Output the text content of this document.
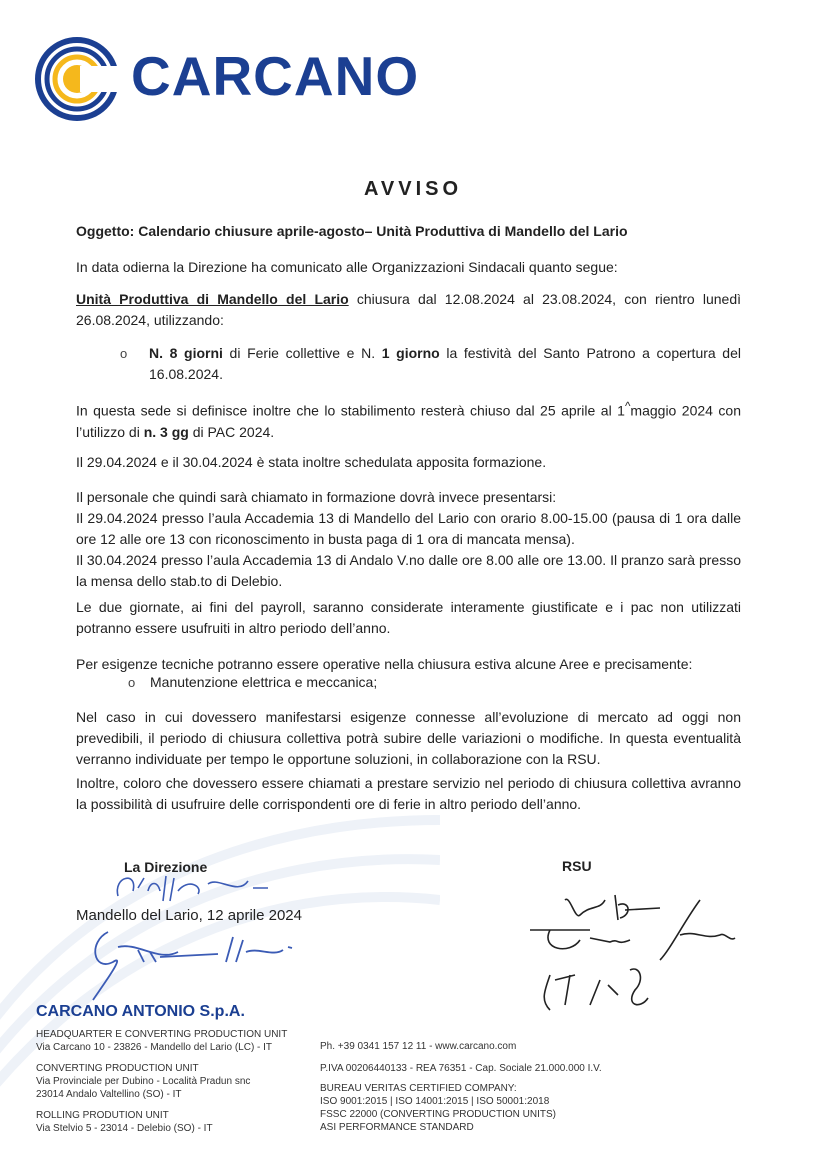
CARCANO
AVVISO
Oggetto: Calendario chiusure aprile-agosto– Unità Produttiva di Mandello del Lario
In data odierna la Direzione ha comunicato alle Organizzazioni Sindacali quanto segue:
Unità Produttiva di Mandello del Lario chiusura dal 12.08.2024 al 23.08.2024, con rientro lunedì 26.08.2024, utilizzando:
o N. 8 giorni di Ferie collettive e N. 1 giorno la festività del Santo Patrono a copertura del 16.08.2024.
In questa sede si definisce inoltre che lo stabilimento resterà chiuso dal 25 aprile al 1^maggio 2024 con l’utilizzo di n. 3 gg di PAC 2024.
Il 29.04.2024 e il 30.04.2024 è stata inoltre schedulata apposita formazione.
Il personale che quindi sarà chiamato in formazione dovrà invece presentarsi:
Il 29.04.2024 presso l’aula Accademia 13 di Mandello del Lario con orario 8.00-15.00 (pausa di 1 ora dalle ore 12 alle ore 13 con riconoscimento in busta paga di 1 ora di mancata mensa).
Il 30.04.2024 presso l’aula Accademia 13 di Andalo V.no dalle ore 8.00 alle ore 13.00. Il pranzo sarà presso la mensa dello stab.to di Delebio.
Le due giornate, ai fini del payroll, saranno considerate interamente giustificate e i pac non utilizzati potranno essere usufruiti in altro periodo dell’anno.
Per esigenze tecniche potranno essere operative nella chiusura estiva alcune Aree e precisamente:
o Manutenzione elettrica e meccanica;
Nel caso in cui dovessero manifestarsi esigenze connesse all’evoluzione di mercato ad oggi non prevedibili, il periodo di chiusura collettiva potrà subire delle variazioni o modifiche. In questa eventualità verranno individuate per tempo le opportune soluzioni, in collaborazione con la RSU.
Inoltre, coloro che dovessero essere chiamati a prestare servizio nel periodo di chiusura collettiva avranno la possibilità di usufruire delle corrispondenti ore di ferie in altro periodo dell’anno.
La Direzione	RSU
Mandello del Lario, 12 aprile 2024
CARCANO ANTONIO S.p.A.
HEADQUARTER E CONVERTING PRODUCTION UNIT
Via Carcano 10 - 23826 - Mandello del Lario (LC) - IT
CONVERTING PRODUCTION UNIT
Via Provinciale per Dubino - Località Pradun snc
23014 Andalo Valtellino (SO) - IT
ROLLING PRODUTION UNIT
Via Stelvio 5 - 23014 - Delebio (SO) - IT
Ph. +39 0341 157 12 11 - www.carcano.com
P.IVA 00206440133 - REA 76351 - Cap. Sociale 21.000.000 I.V.
BUREAU VERITAS CERTIFIED COMPANY:
ISO 9001:2015 | ISO 14001:2015 | ISO 50001:2018
FSSC 22000 (CONVERTING PRODUCTION UNITS)
ASI PERFORMANCE STANDARD
